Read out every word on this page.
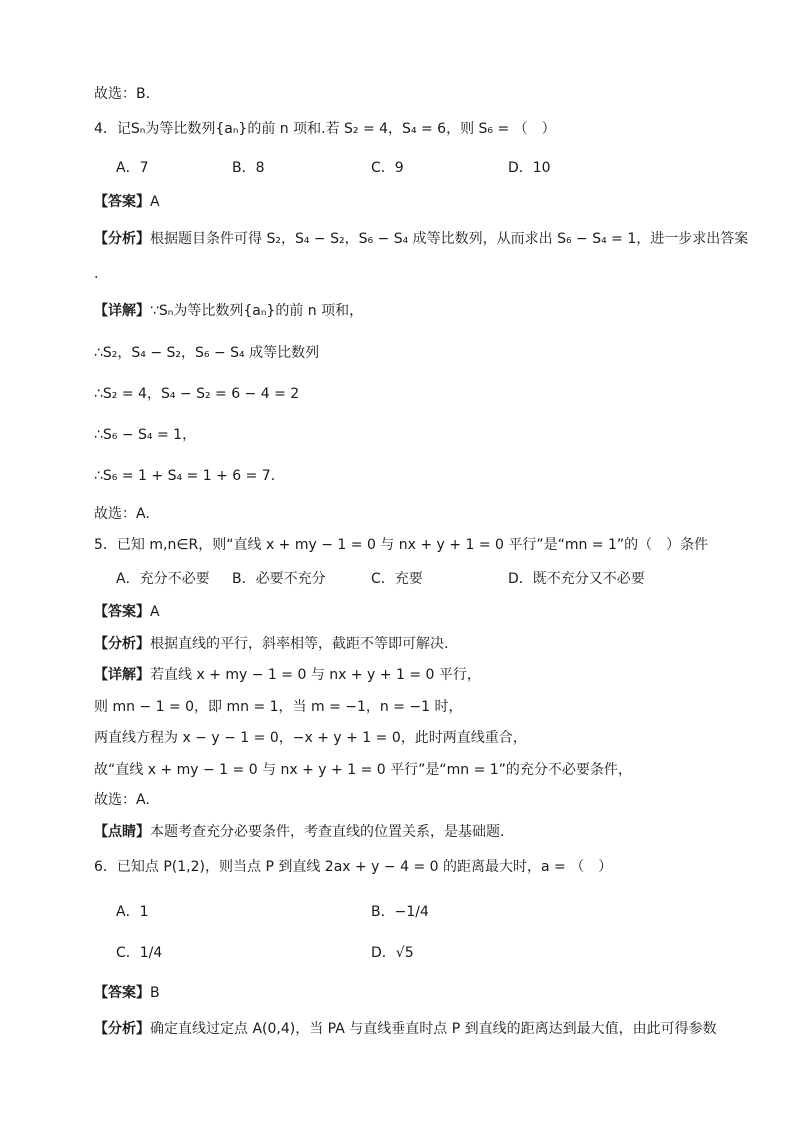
故选：B.
4．记Sₙ为等比数列{aₙ}的前 n 项和.若 S₂ = 4，S₄ = 6，则 S₆ = （　）
A．7	B．8	C．9	D．10
【答案】A
【分析】根据题目条件可得 S₂，S₄ − S₂，S₆ − S₄ 成等比数列，从而求出 S₆ − S₄ = 1，进一步求出答案
.
【详解】∵Sₙ为等比数列{aₙ}的前 n 项和，
∴S₂，S₄ − S₂，S₆ − S₄ 成等比数列
∴S₂ = 4，S₄ − S₂ = 6 − 4 = 2
∴S₆ − S₄ = 1，
∴S₆ = 1 + S₄ = 1 + 6 = 7.
故选：A.
5．已知 m,n∈R，则“直线 x + my − 1 = 0 与 nx + y + 1 = 0 平行”是“mn = 1”的（　）条件
A．充分不必要 B．必要不充分	C．充要	D．既不充分又不必要
【答案】A
【分析】根据直线的平行，斜率相等，截距不等即可解决.
【详解】若直线 x + my − 1 = 0 与 nx + y + 1 = 0 平行，
则 mn − 1 = 0，即 mn = 1，当 m = −1，n = −1 时，
两直线方程为 x − y − 1 = 0，−x + y + 1 = 0，此时两直线重合，
故“直线 x + my − 1 = 0 与 nx + y + 1 = 0 平行”是“mn = 1”的充分不必要条件，
故选：A.
【点睛】本题考查充分必要条件，考查直线的位置关系，是基础题.
6．已知点 P(1,2)，则当点 P 到直线 2ax + y − 4 = 0 的距离最大时，a = （　）
A．1	B．−1/4
C．1/4	D．√5
【答案】B
【分析】确定直线过定点 A(0,4)，当 PA 与直线垂直时点 P 到直线的距离达到最大值，由此可得参数
